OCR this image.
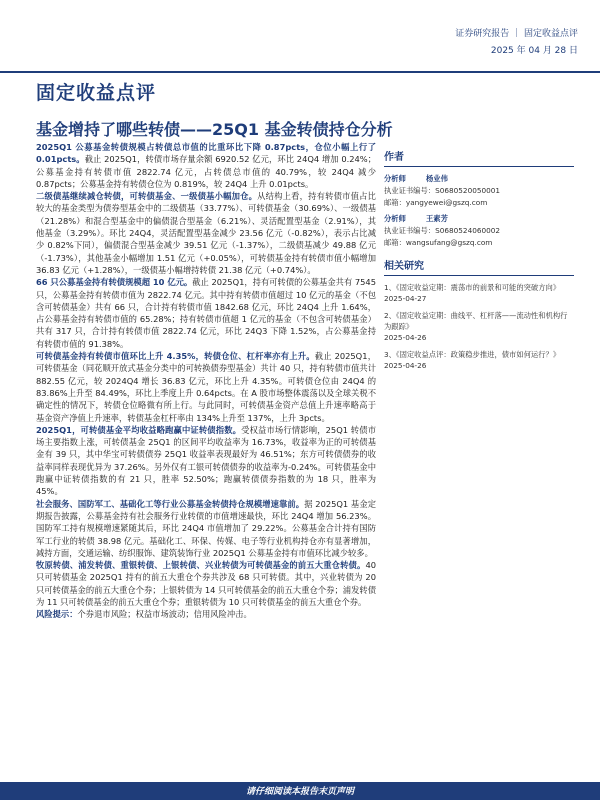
证券研究报告 ｜ 固定收益点评
2025 年 04 月 28 日
固定收益点评
基金增持了哪些转债——25Q1 基金转债持仓分析

2025Q1 公募基金转债规模占转债总市值的比重环比下降 0.87pcts，仓位小幅上行了 0.01pcts。截止 2025Q1，转债市场存量余额 6920.52 亿元，环比 24Q4 增加 0.24%；公募基金持有转债市值 2822.74 亿元，占转债总市值的 40.79%，较 24Q4 减少 0.87pcts；公募基金持有转债仓位为 0.819%，较 24Q4 上升 0.01pcts。

二级债基继续减仓转债，可转债基金、一级债基小幅加仓。从结构上看，持有转债市值占比较大的基金类型为债券型基金中的二级债基（33.77%）、可转债基金（30.69%）、一级债基（21.28%）和混合型基金中的偏债混合型基金（6.21%）、灵活配置型基金（2.91%），其他基金（3.29%）。环比 24Q4，灵活配置型基金减少 23.56 亿元（-0.82%），表示占比减少 0.82%下同），偏债混合型基金减少 39.51 亿元（-1.37%），二级债基减少 49.88 亿元（-1.73%），其他基金小幅增加 1.51 亿元（+0.05%），可转债基金持有转债市值小幅增加 36.83 亿元（+1.28%），一级债基小幅增持转债 21.38 亿元（+0.74%）。

66 只公募基金持有转债规模超 10 亿元。截止 2025Q1，持有可转债的公募基金共有 7545 只，公募基金持有转债市值为 2822.74 亿元。其中持有转债市值超过 10 亿元的基金（不包含可转债基金）共有 66 只，合计持有转债市值 1842.68 亿元，环比 24Q4 上升 1.64%，占公募基金持有转债市值的 65.28%；持有转债市值超 1 亿元的基金（不包含可转债基金）共有 317 只，合计持有转债市值 2822.74 亿元，环比 24Q3 下降 1.52%，占公募基金持有转债市值的 91.38%。

可转债基金持有转债市值环比上升 4.35%，转债仓位、杠杆率亦有上升。截止 2025Q1，可转债基金（同花顺开放式基金分类中的可转换债券型基金）共计 40 只，持有转债市值共计 882.55 亿元，较 2024Q4 增长 36.83 亿元，环比上升 4.35%。可转债仓位由 24Q4 的 83.86%上升至 84.49%，环比上季度上升 0.64pcts。在 A 股市场整体震荡以及全球关税不确定性的情况下，转债仓位略微有所上行。与此同时，可转债基金资产总值上升速率略高于基金资产净值上升速率，转债基金杠杆率由 134%上升至 137%，上升 3pcts。

2025Q1，可转债基金平均收益略跑赢中证转债指数。受权益市场行情影响，25Q1 转债市场主要指数上涨，可转债基金 25Q1 的区间平均收益率为 16.73%，收益率为正的可转债基金有 39 只，其中华宝可转债债券 25Q1 收益率表现最好为 46.51%；东方可转债债券的收益率同样表现优异为 37.26%。另外仅有工银可转债债券的收益率为-0.24%。可转债基金中跑赢中证转债指数的有 21 只，胜率 52.50%；跑赢转债债券指数的为 18 只，胜率为 45%。

社会服务、国防军工、基础化工等行业公募基金转债持仓规模增速靠前。据 2025Q1 基金定期报告披露，公募基金持有社会服务行业转债的市值增速最快，环比 24Q4 增加 56.23%。国防军工持有规模增速紧随其后，环比 24Q4 市值增加了 29.22%。公募基金合计持有国防军工行业的转债 38.98 亿元。基础化工、环保、传媒、电子等行业机构持仓亦有显著增加，减持方面，交通运输、纺织服饰、建筑装饰行业 2025Q1 公募基金持有市值环比减少较多。

牧原转债、浦发转债、重银转债、上银转债、兴业转债为可转债基金的前五大重仓转债。40 只可转债基金 2025Q1 持有的前五大重仓个券共涉及 68 只可转债。其中，兴业转债为 20 只可转债基金的前五大重仓个券；上银转债为 14 只可转债基金的前五大重仓个券；浦发转债为 11 只可转债基金的前五大重仓个券；重银转债为 10 只可转债基金的前五大重仓个券。

风险提示：个券退市风险；权益市场波动；信用风险冲击。

作者
分析师	杨业伟
执业证书编号：S0680520050001
邮箱：yangyewei@gszq.com
分析师	王素芳
执业证书编号：S0680524060002
邮箱：wangsufang@gszq.com
相关研究
1、《固定收益定期：震荡市的前景和可能的突破方向》
2025-04-27
2、《固定收益定期：曲线平、杠杆落——流动性和机构行为跟踪》
2025-04-26
3、《固定收益点评：政策稳步推进，债市如何运行？》
2025-04-26
请仔细阅读本报告末页声明
